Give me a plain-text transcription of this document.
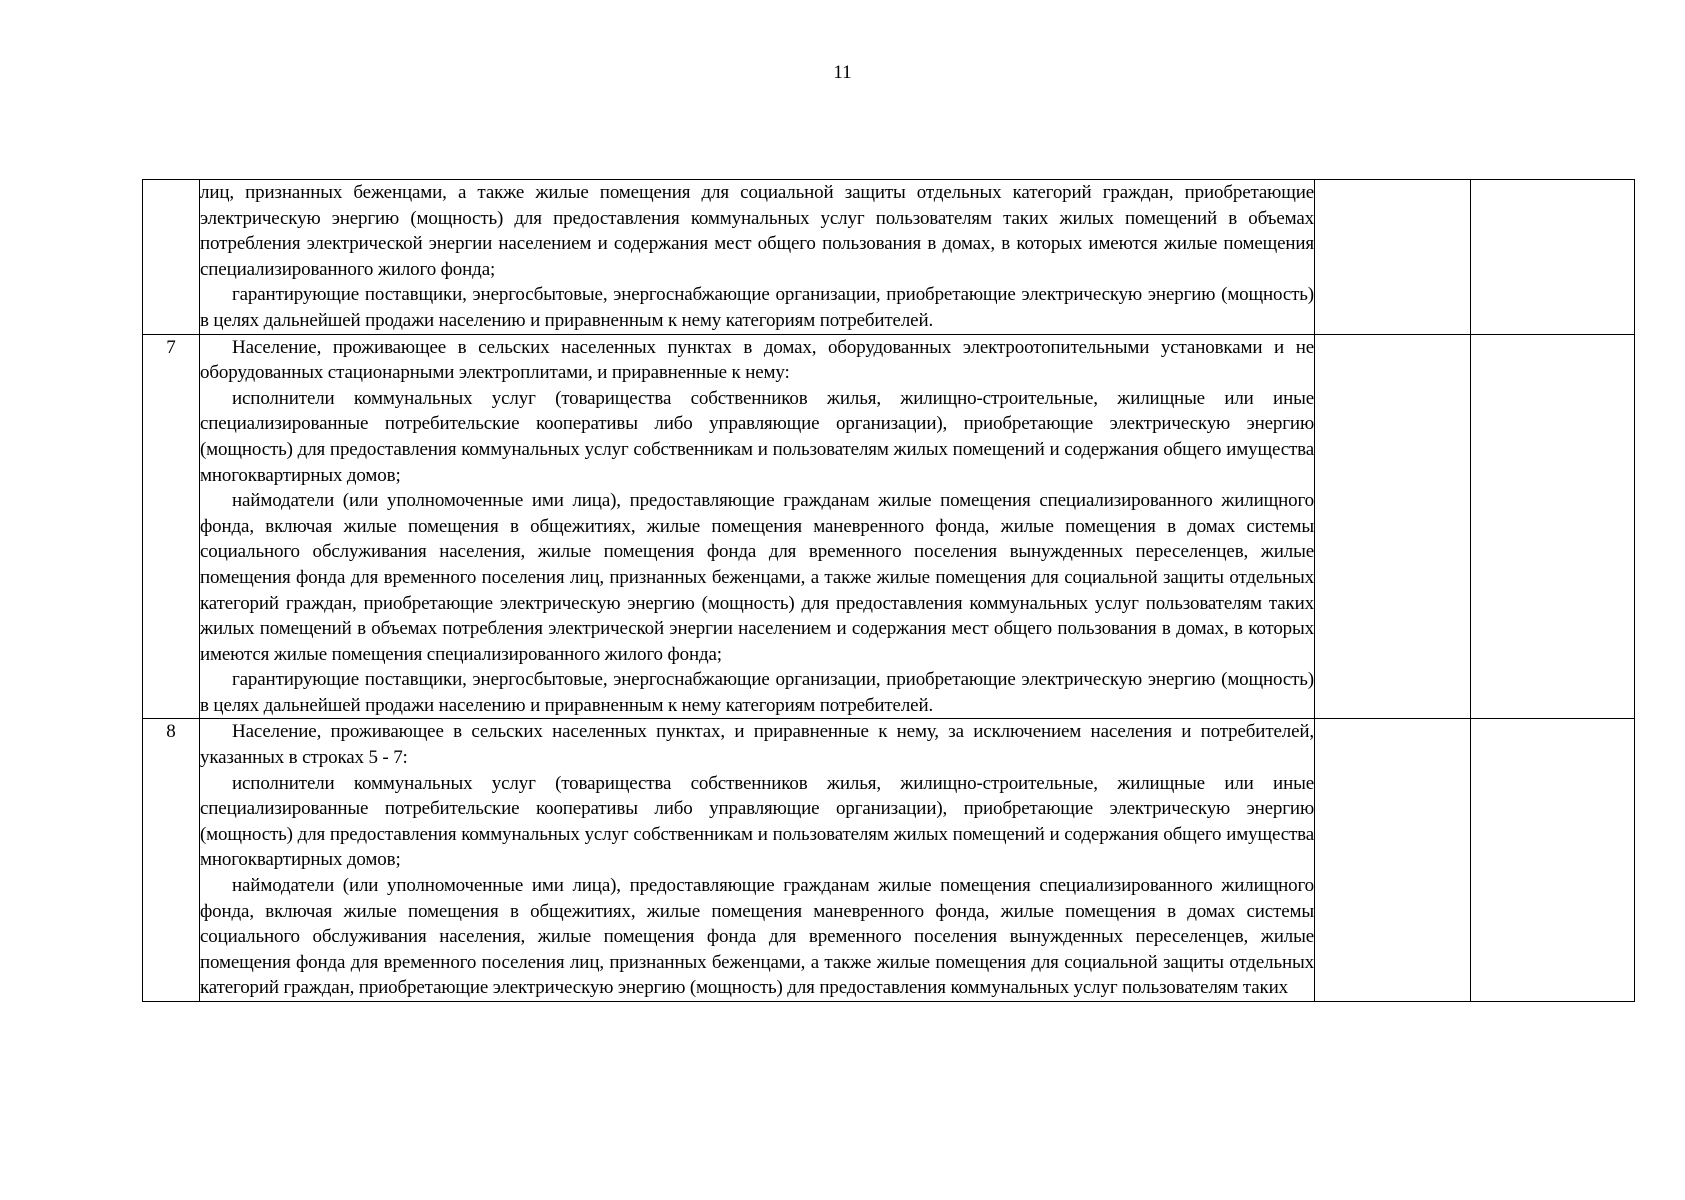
11

	лиц, признанных беженцами, а также жилые помещения для социальной защиты отдельных категорий граждан, приобретающие электрическую энергию (мощность) для предоставления коммунальных услуг пользователям таких жилых помещений в объемах потребления электрической энергии населением и содержания мест общего пользования в домах, в которых имеются жилые помещения специализированного жилого фонда;

гарантирующие поставщики, энергосбытовые, энергоснабжающие организации, приобретающие электрическую энергию (мощность) в целях дальнейшей продажи населению и приравненным к нему категориям потребителей.		

7	Население, проживающее в сельских населенных пунктах в домах, оборудованных электроотопительными установками и не оборудованных стационарными электроплитами, и приравненные к нему:

исполнители коммунальных услуг (товарищества собственников жилья, жилищно-строительные, жилищные или иные специализированные потребительские кооперативы либо управляющие организации), приобретающие электрическую энергию (мощность) для предоставления коммунальных услуг собственникам и пользователям жилых помещений и содержания общего имущества многоквартирных домов;

наймодатели (или уполномоченные ими лица), предоставляющие гражданам жилые помещения специализированного жилищного фонда, включая жилые помещения в общежитиях, жилые помещения маневренного фонда, жилые помещения в домах системы социального обслуживания населения, жилые помещения фонда для временного поселения вынужденных переселенцев, жилые помещения фонда для временного поселения лиц, признанных беженцами, а также жилые помещения для социальной защиты отдельных категорий граждан, приобретающие электрическую энергию (мощность) для предоставления коммунальных услуг пользователям таких жилых помещений в объемах потребления электрической энергии населением и содержания мест общего пользования в домах, в которых имеются жилые помещения специализированного жилого фонда;

гарантирующие поставщики, энергосбытовые, энергоснабжающие организации, приобретающие электрическую энергию (мощность) в целях дальнейшей продажи населению и приравненным к нему категориям потребителей.		

8	Население, проживающее в сельских населенных пунктах, и приравненные к нему, за исключением населения и потребителей, указанных в строках 5 - 7:

исполнители коммунальных услуг (товарищества собственников жилья, жилищно-строительные, жилищные или иные специализированные потребительские кооперативы либо управляющие организации), приобретающие электрическую энергию (мощность) для предоставления коммунальных услуг собственникам и пользователям жилых помещений и содержания общего имущества многоквартирных домов;

наймодатели (или уполномоченные ими лица), предоставляющие гражданам жилые помещения специализированного жилищного фонда, включая жилые помещения в общежитиях, жилые помещения маневренного фонда, жилые помещения в домах системы социального обслуживания населения, жилые помещения фонда для временного поселения вынужденных переселенцев, жилые помещения фонда для временного поселения лиц, признанных беженцами, а также жилые помещения для социальной защиты отдельных категорий граждан, приобретающие электрическую энергию (мощность) для предоставления коммунальных услуг пользователям таких		
